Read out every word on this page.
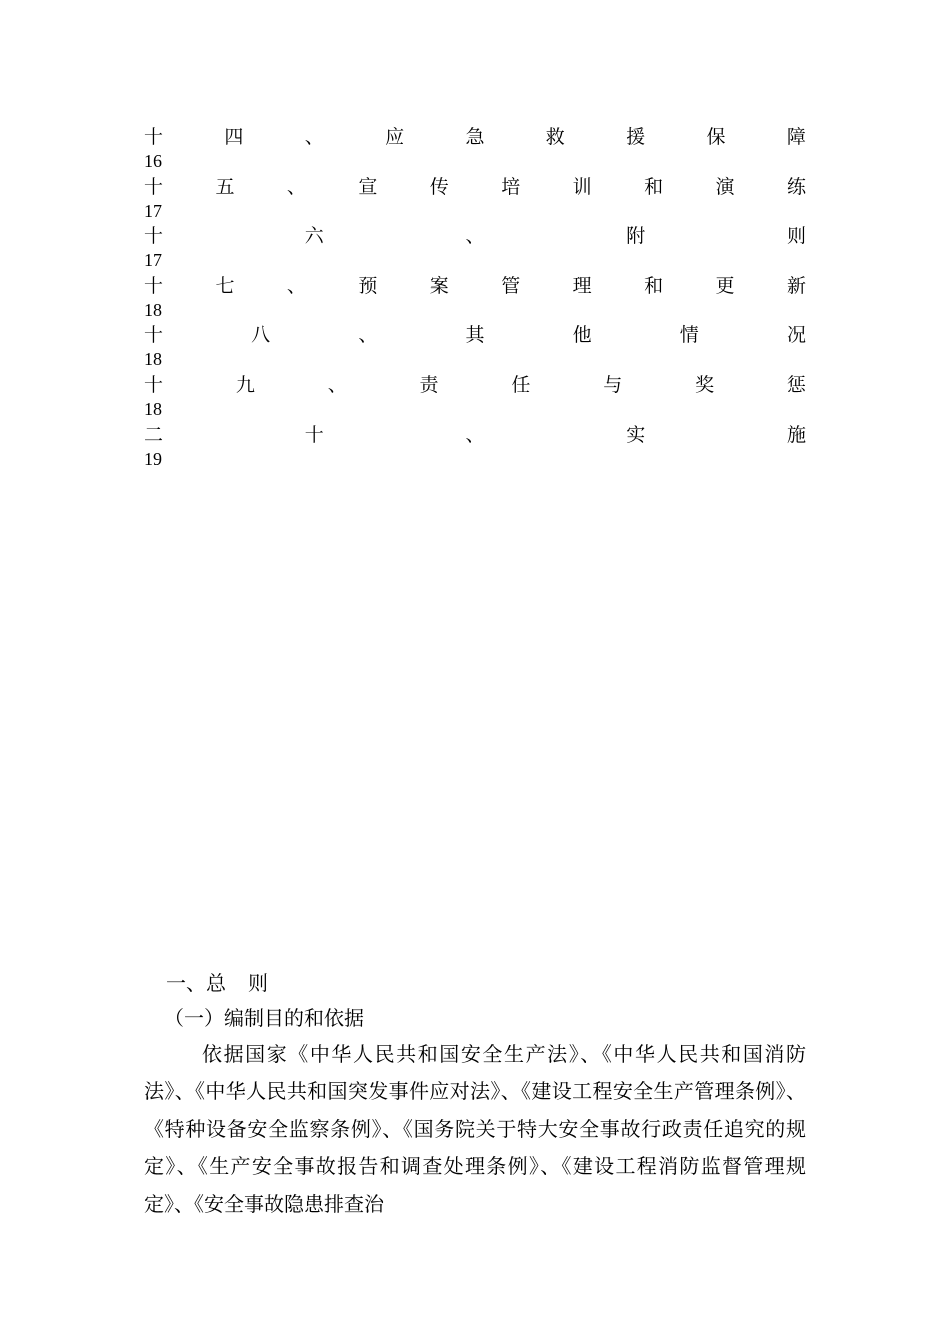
十	四	、	应	急	救	援	保	障
16
十	五	、	宣	传	培	训	和	演	练
17
十	六	、	附	则
17
十	七	、	预	案	管	理	和	更	新
18
十	八	、	其	他	情	况
18
十	九	、	责	任	与	奖	惩
18
二	十	、	实	施
19
一、总 则
（一）编制目的和依据

依据国家《中华人民共和国安全生产法》、《中华人民共和国消防法》、《中华人民共和国突发事件应对法》、《建设工程安全生产管理条例》、《特种设备安全监察条例》、《国务院关于特大安全事故行政责任追究的规定》、《生产安全事故报告和调查处理条例》、《建设工程消防监督管理规定》、《安全事故隐患排查治
